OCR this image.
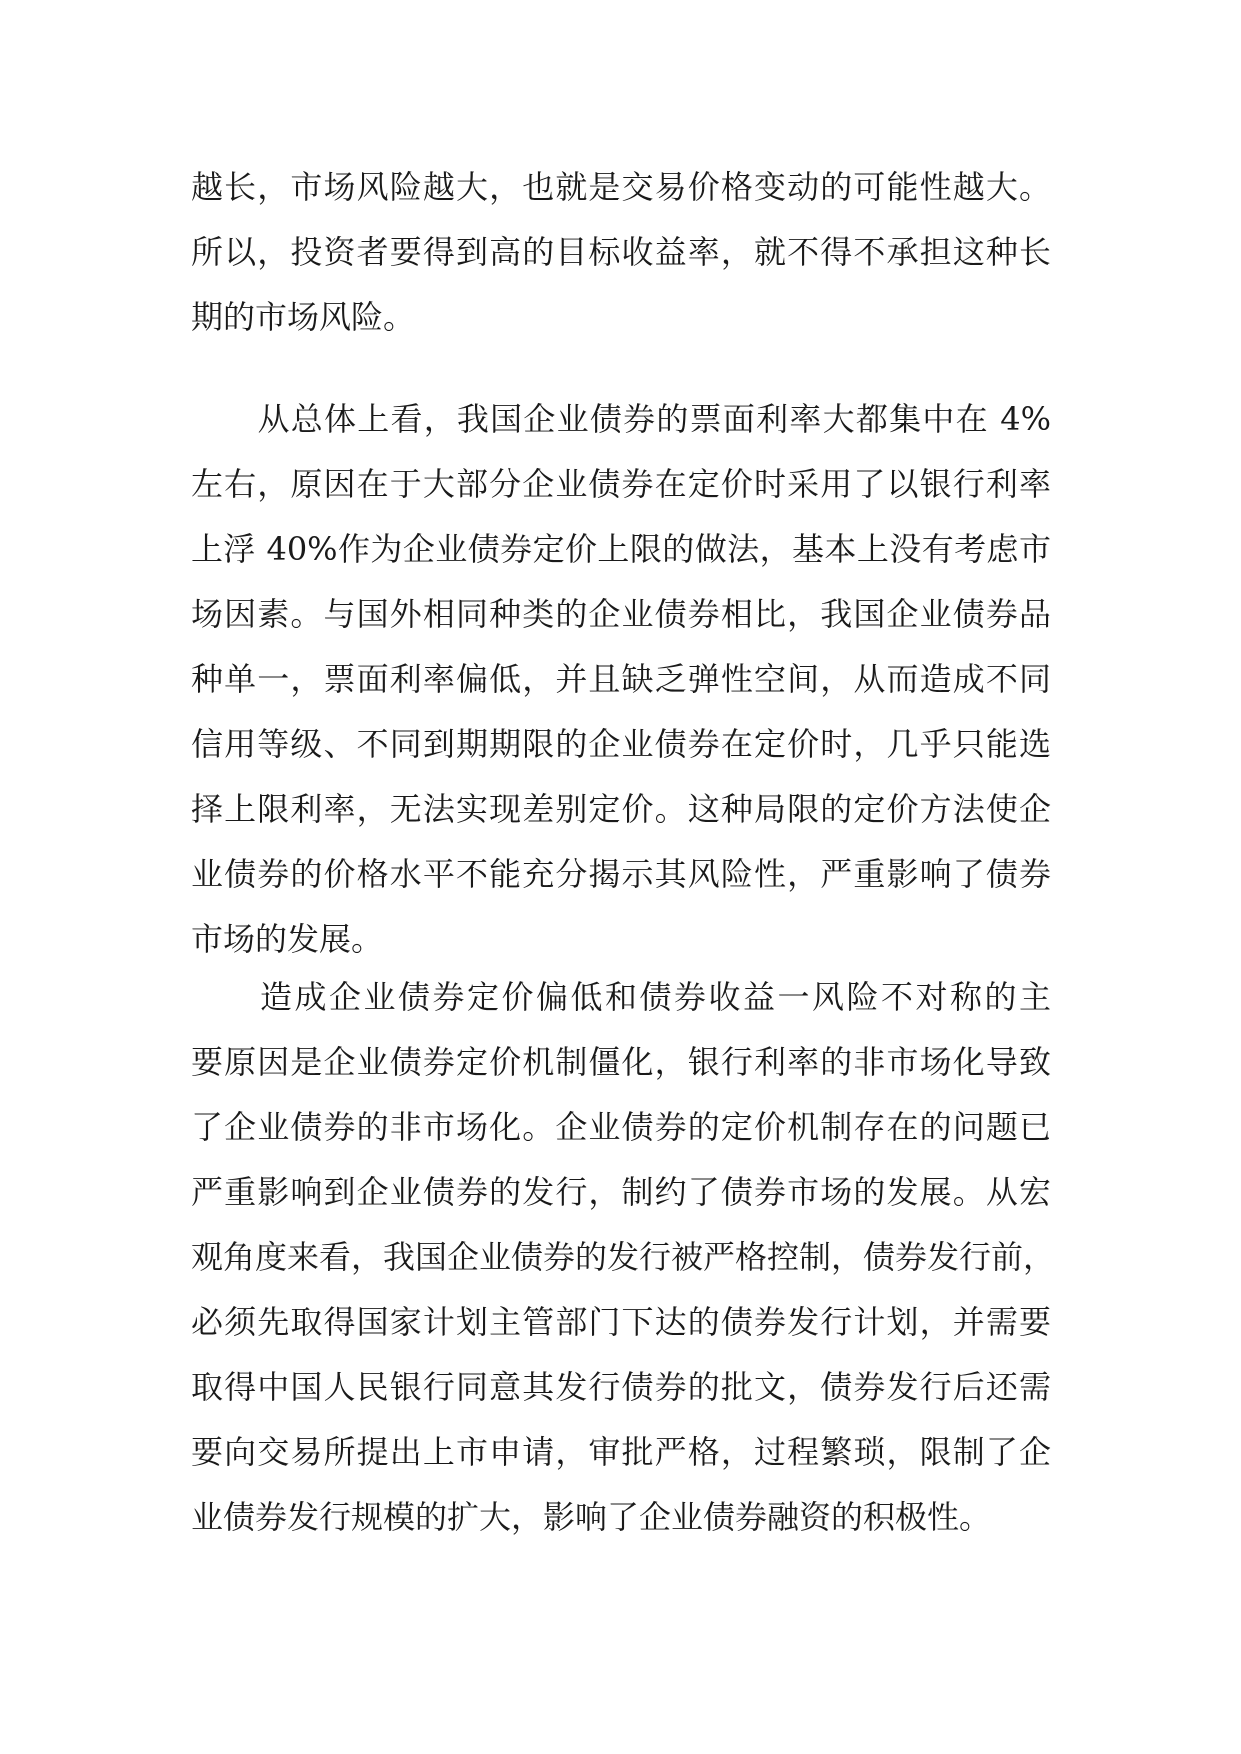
越长，市场风险越大，也就是交易价格变动的可能性越大。
所以，投资者要得到高的目标收益率，就不得不承担这种长
期的市场风险。
　　从总体上看，我国企业债券的票面利率大都集中在 4%
左右，原因在于大部分企业债券在定价时采用了以银行利率
上浮 40%作为企业债券定价上限的做法，基本上没有考虑市
场因素。与国外相同种类的企业债券相比，我国企业债券品
种单一，票面利率偏低，并且缺乏弹性空间，从而造成不同
信用等级、不同到期期限的企业债券在定价时，几乎只能选
择上限利率，无法实现差别定价。这种局限的定价方法使企
业债券的价格水平不能充分揭示其风险性，严重影响了债券
市场的发展。
　　造成企业债券定价偏低和债券收益一风险不对称的主
要原因是企业债券定价机制僵化，银行利率的非市场化导致
了企业债券的非市场化。企业债券的定价机制存在的问题已
严重影响到企业债券的发行，制约了债券市场的发展。从宏
观角度来看，我国企业债券的发行被严格控制，债券发行前，
必须先取得国家计划主管部门下达的债券发行计划，并需要
取得中国人民银行同意其发行债券的批文，债券发行后还需
要向交易所提出上市申请，审批严格，过程繁琐，限制了企
业债券发行规模的扩大，影响了企业债券融资的积极性。
